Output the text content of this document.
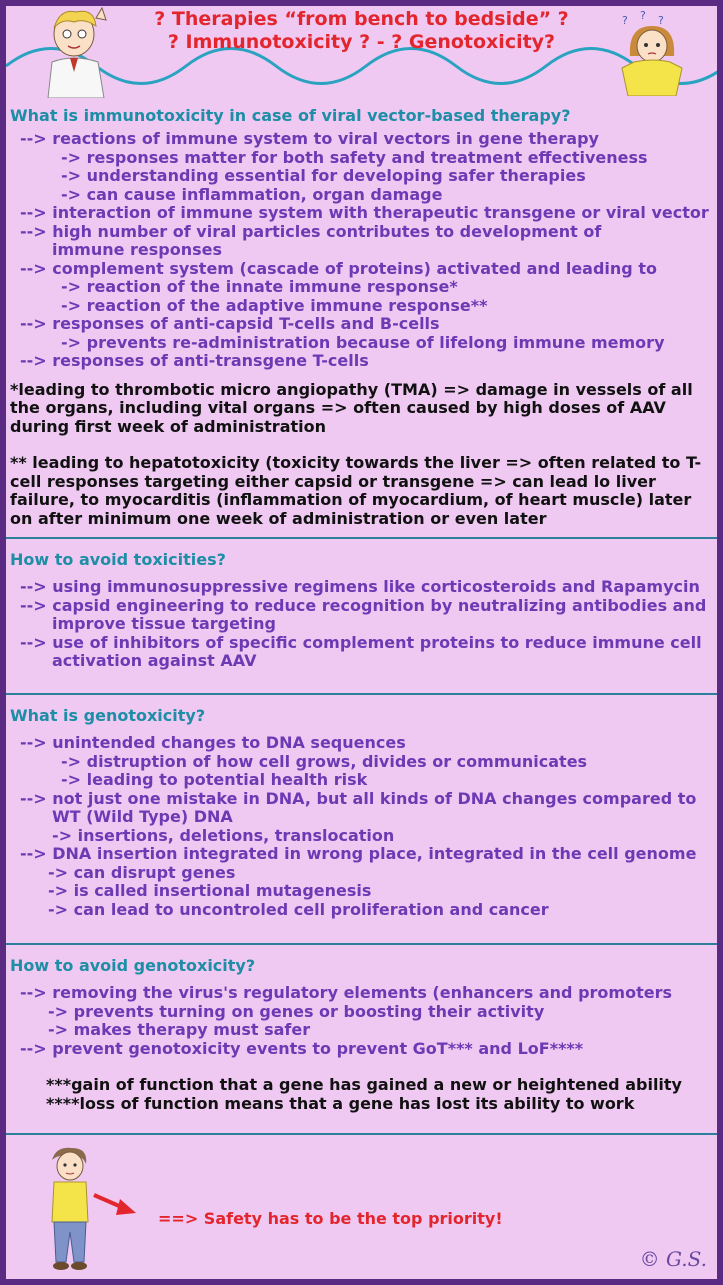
? Therapies “from bench to bedside” ?
? Immunotoxicity ? - ? Genotoxicity?
? ? ?
What is immunotoxicity in case of viral vector-based therapy?
--> reactions of immune system to viral vectors in gene therapy
-> responses matter for both safety and treatment effectiveness
-> understanding essential for developing safer therapies
-> can cause inflammation, organ damage
--> interaction of immune system with therapeutic transgene or viral vector
--> high number of viral particles contributes to development of
immune responses
--> complement system (cascade of proteins) activated and leading to
-> reaction of the innate immune response*
-> reaction of the adaptive immune response**
--> responses of anti-capsid T-cells and B-cells
-> prevents re-administration because of lifelong immune memory
--> responses of anti-transgene T-cells
*leading to thrombotic micro angiopathy (TMA) => damage in vessels of all the organs, including vital organs => often caused by high doses of AAV during first week of administration
** leading to hepatotoxicity (toxicity towards the liver => often related to T-cell responses targeting either capsid or transgene => can lead lo liver failure, to myocarditis (inflammation of myocardium, of heart muscle) later on after minimum one week of administration or even later
How to avoid toxicities?
--> using immunosuppressive regimens like corticosteroids and Rapamycin
--> capsid engineering to reduce recognition by neutralizing antibodies and
improve tissue targeting
--> use of inhibitors of specific complement proteins to reduce immune cell
activation against AAV
What is genotoxicity?
--> unintended changes to DNA sequences
-> distruption of how cell grows, divides or communicates
-> leading to potential health risk
--> not just one mistake in DNA, but all kinds of DNA changes compared to
WT (Wild Type) DNA
-> insertions, deletions, translocation
--> DNA insertion integrated in wrong place, integrated in the cell genome
-> can disrupt genes
-> is called insertional mutagenesis
-> can lead to uncontroled cell proliferation and cancer
How to avoid genotoxicity?
--> removing the virus's regulatory elements (enhancers and promoters
-> prevents turning on genes or boosting their activity
-> makes therapy must safer
--> prevent genotoxicity events to prevent GoT*** and LoF****
***gain of function that a gene has gained a new or heightened ability
****loss of function means that a gene has lost its ability to work
==> Safety has to be the top priority!
© G.S.
